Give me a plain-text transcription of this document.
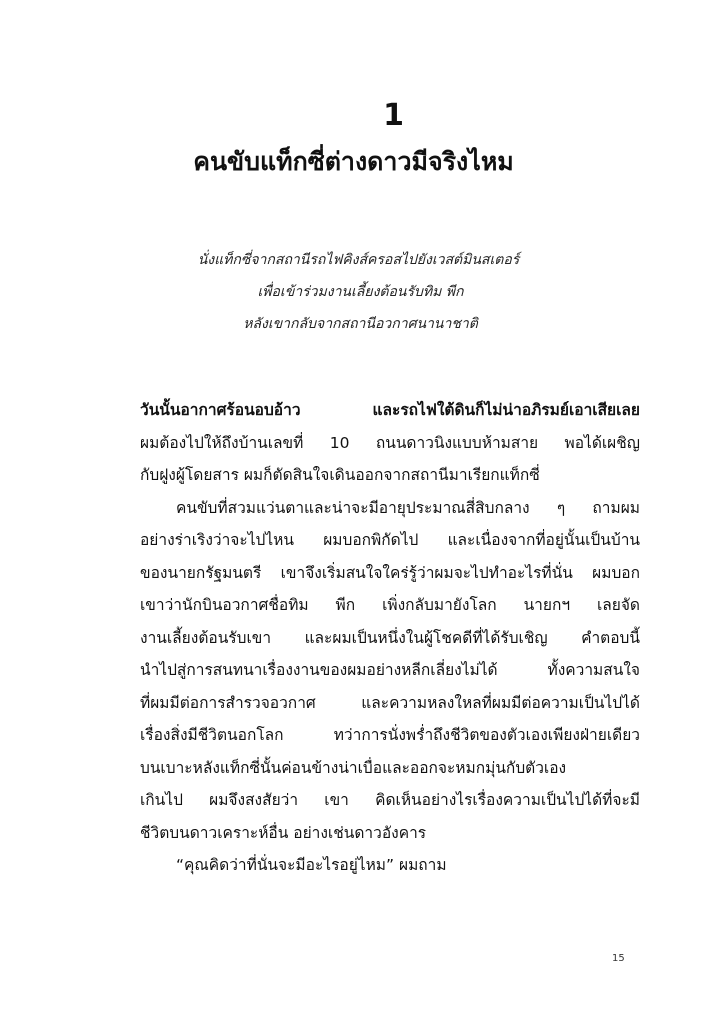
1
คนขับแท็กซี่ต่างดาวมีจริงไหม
นั่งแท็กซี่จากสถานีรถไฟคิงส์ครอสไปยังเวสต์มินสเตอร์
เพื่อเข้าร่วมงานเลี้ยงต้อนรับทิม พีก
หลังเขากลับจากสถานีอวกาศนานาชาติ
วันนั้นอากาศร้อนอบอ้าว และรถไฟใต้ดินก็ไม่น่าอภิรมย์เอาเสียเลย
ผมต้องไปให้ถึงบ้านเลขที่ 10 ถนนดาวนิงแบบห้ามสาย พอได้เผชิญ
กับฝูงผู้โดยสาร ผมก็ตัดสินใจเดินออกจากสถานีมาเรียกแท็กซี่
คนขับที่สวมแว่นตาและน่าจะมีอายุประมาณสี่สิบกลาง ๆ ถามผม
อย่างร่าเริงว่าจะไปไหน ผมบอกพิกัดไป และเนื่องจากที่อยู่นั้นเป็นบ้าน
ของนายกรัฐมนตรี เขาจึงเริ่มสนใจใคร่รู้ว่าผมจะไปทำอะไรที่นั่น ผมบอก
เขาว่านักบินอวกาศชื่อทิม พีก เพิ่งกลับมายังโลก นายกฯ เลยจัด
งานเลี้ยงต้อนรับเขา และผมเป็นหนึ่งในผู้โชคดีที่ได้รับเชิญ คำตอบนี้
นำไปสู่การสนทนาเรื่องงานของผมอย่างหลีกเลี่ยงไม่ได้ ทั้งความสนใจ
ที่ผมมีต่อการสำรวจอวกาศ และความหลงใหลที่ผมมีต่อความเป็นไปได้
เรื่องสิ่งมีชีวิตนอกโลก ทว่าการนั่งพร่ำถึงชีวิตของตัวเองเพียงฝ่ายเดียว
บนเบาะหลังแท็กซี่นั้นค่อนข้างน่าเบื่อและออกจะหมกมุ่นกับตัวเอง
เกินไป ผมจึงสงสัยว่า เขา คิดเห็นอย่างไรเรื่องความเป็นไปได้ที่จะมี
ชีวิตบนดาวเคราะห์อื่น อย่างเช่นดาวอังคาร
“คุณคิดว่าที่นั่นจะมีอะไรอยู่ไหม” ผมถาม
15
